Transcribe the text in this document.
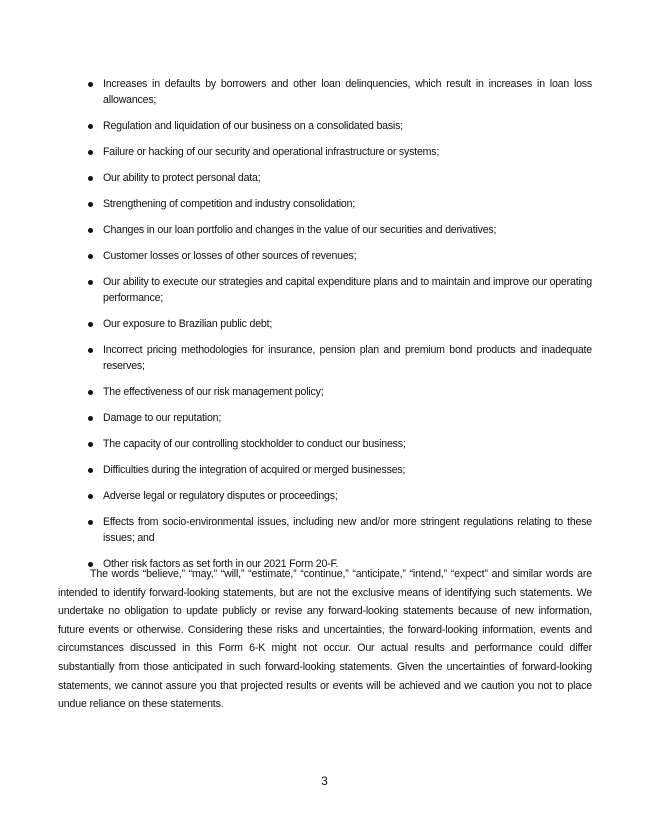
Increases in defaults by borrowers and other loan delinquencies, which result in increases in loan loss allowances;
Regulation and liquidation of our business on a consolidated basis;
Failure or hacking of our security and operational infrastructure or systems;
Our ability to protect personal data;
Strengthening of competition and industry consolidation;
Changes in our loan portfolio and changes in the value of our securities and derivatives;
Customer losses or losses of other sources of revenues;
Our ability to execute our strategies and capital expenditure plans and to maintain and improve our operating performance;
Our exposure to Brazilian public debt;
Incorrect pricing methodologies for insurance, pension plan and premium bond products and inadequate reserves;
The effectiveness of our risk management policy;
Damage to our reputation;
The capacity of our controlling stockholder to conduct our business;
Difficulties during the integration of acquired or merged businesses;
Adverse legal or regulatory disputes or proceedings;
Effects from socio-environmental issues, including new and/or more stringent regulations relating to these issues; and
Other risk factors as set forth in our 2021 Form 20-F.

The words “believe,” “may,” “will,” “estimate,” “continue,” “anticipate,” “intend,” “expect” and similar words are intended to identify forward-looking statements, but are not the exclusive means of identifying such statements. We undertake no obligation to update publicly or revise any forward-looking statements because of new information, future events or otherwise. Considering these risks and uncertainties, the forward-looking information, events and circumstances discussed in this Form 6-K might not occur. Our actual results and performance could differ substantially from those anticipated in such forward-looking statements. Given the uncertainties of forward-looking statements, we cannot assure you that projected results or events will be achieved and we caution you not to place undue reliance on these statements.

3
